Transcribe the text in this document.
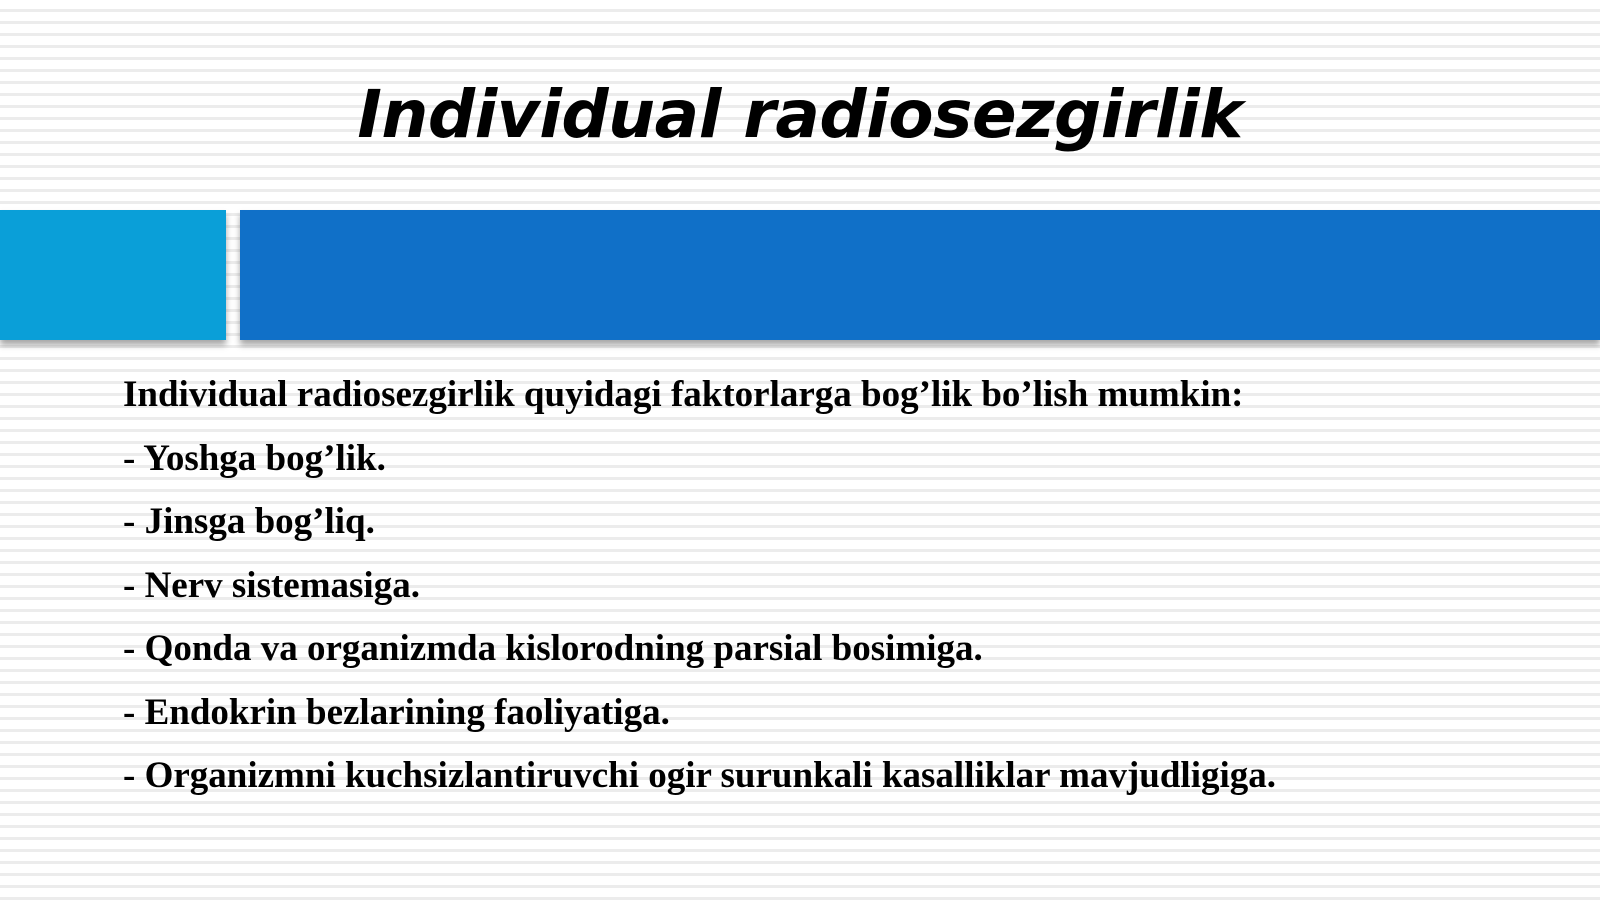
Individual radiosezgirlik
Individual radiosezgirlik quyidagi faktorlarga bog’lik bo’lish mumkin:
- Yoshga bog’lik.
- Jinsga bog’liq.
- Nerv sistemasiga.
- Qonda va organizmda kislorodning parsial bosimiga.
- Endokrin bezlarining faoliyatiga.
- Organizmni kuchsizlantiruvchi ogir surunkali kasalliklar mavjudligiga.
